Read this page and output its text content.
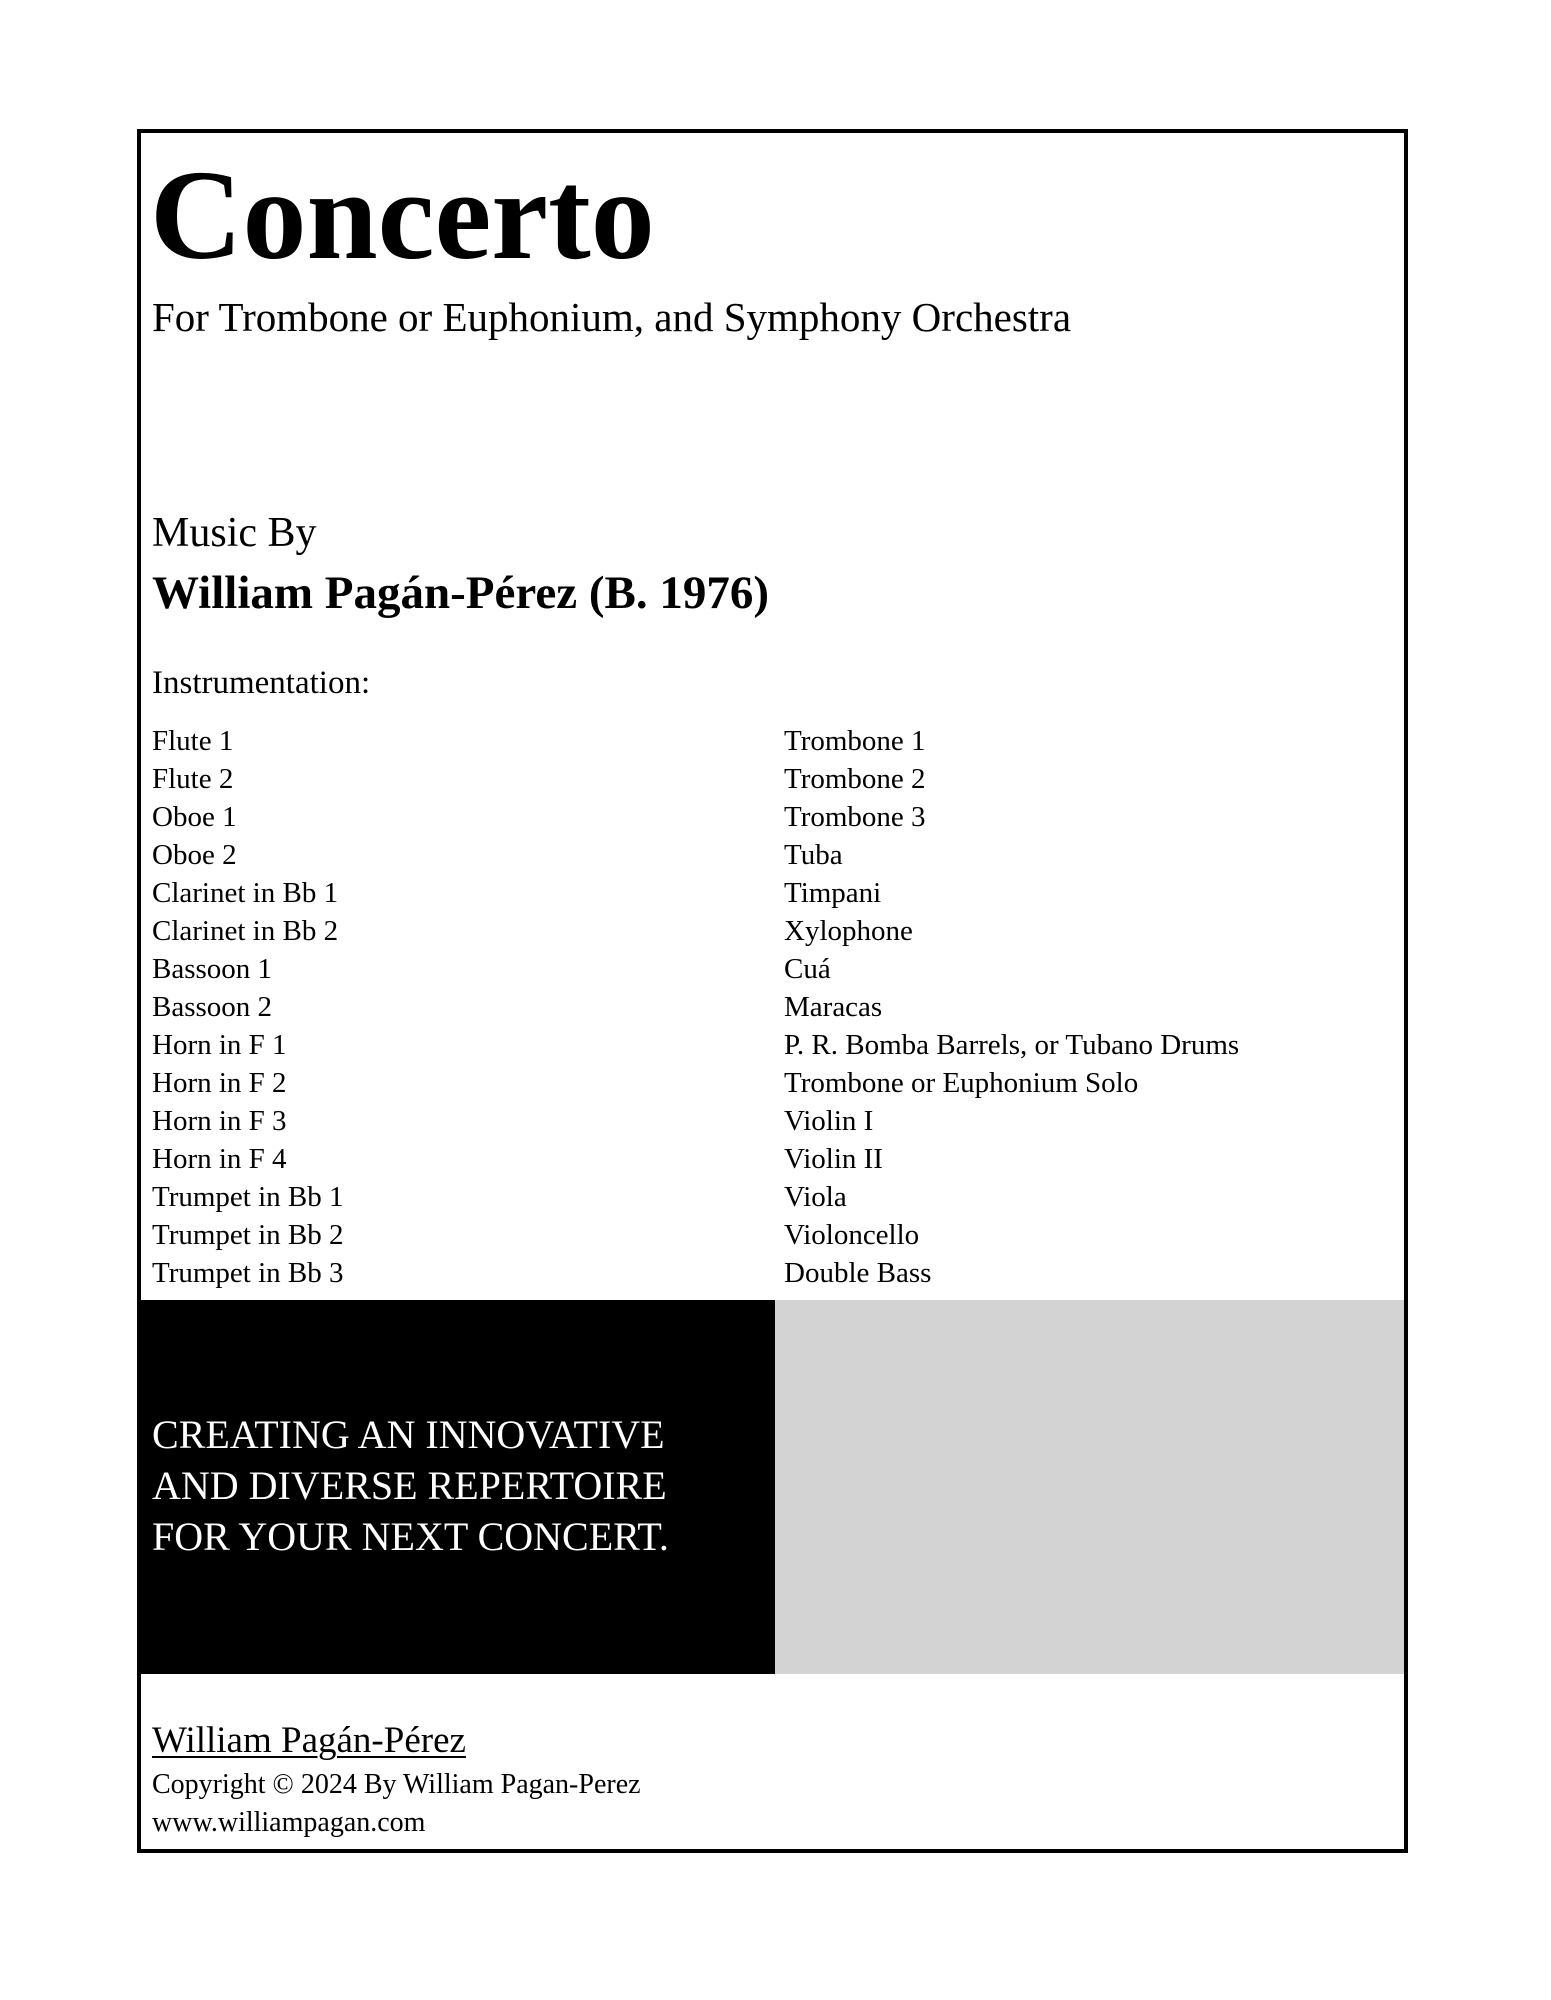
Concerto
For Trombone or Euphonium, and Symphony Orchestra
Music By
William Pagán-Pérez (B. 1976)
Instrumentation:
Flute 1
Flute 2
Oboe 1
Oboe 2
Clarinet in Bb 1
Clarinet in Bb 2
Bassoon 1
Bassoon 2
Horn in F 1
Horn in F 2
Horn in F 3
Horn in F 4
Trumpet in Bb 1
Trumpet in Bb 2
Trumpet in Bb 3
Trombone 1
Trombone 2
Trombone 3
Tuba
Timpani
Xylophone
Cuá
Maracas
P. R. Bomba Barrels, or Tubano Drums
Trombone or Euphonium Solo
Violin I
Violin II
Viola
Violoncello
Double Bass
CREATING AN INNOVATIVE
AND DIVERSE REPERTOIRE
FOR YOUR NEXT CONCERT.
William Pagán-Pérez
Copyright © 2024 By William Pagan-Perez
www.williampagan.com
